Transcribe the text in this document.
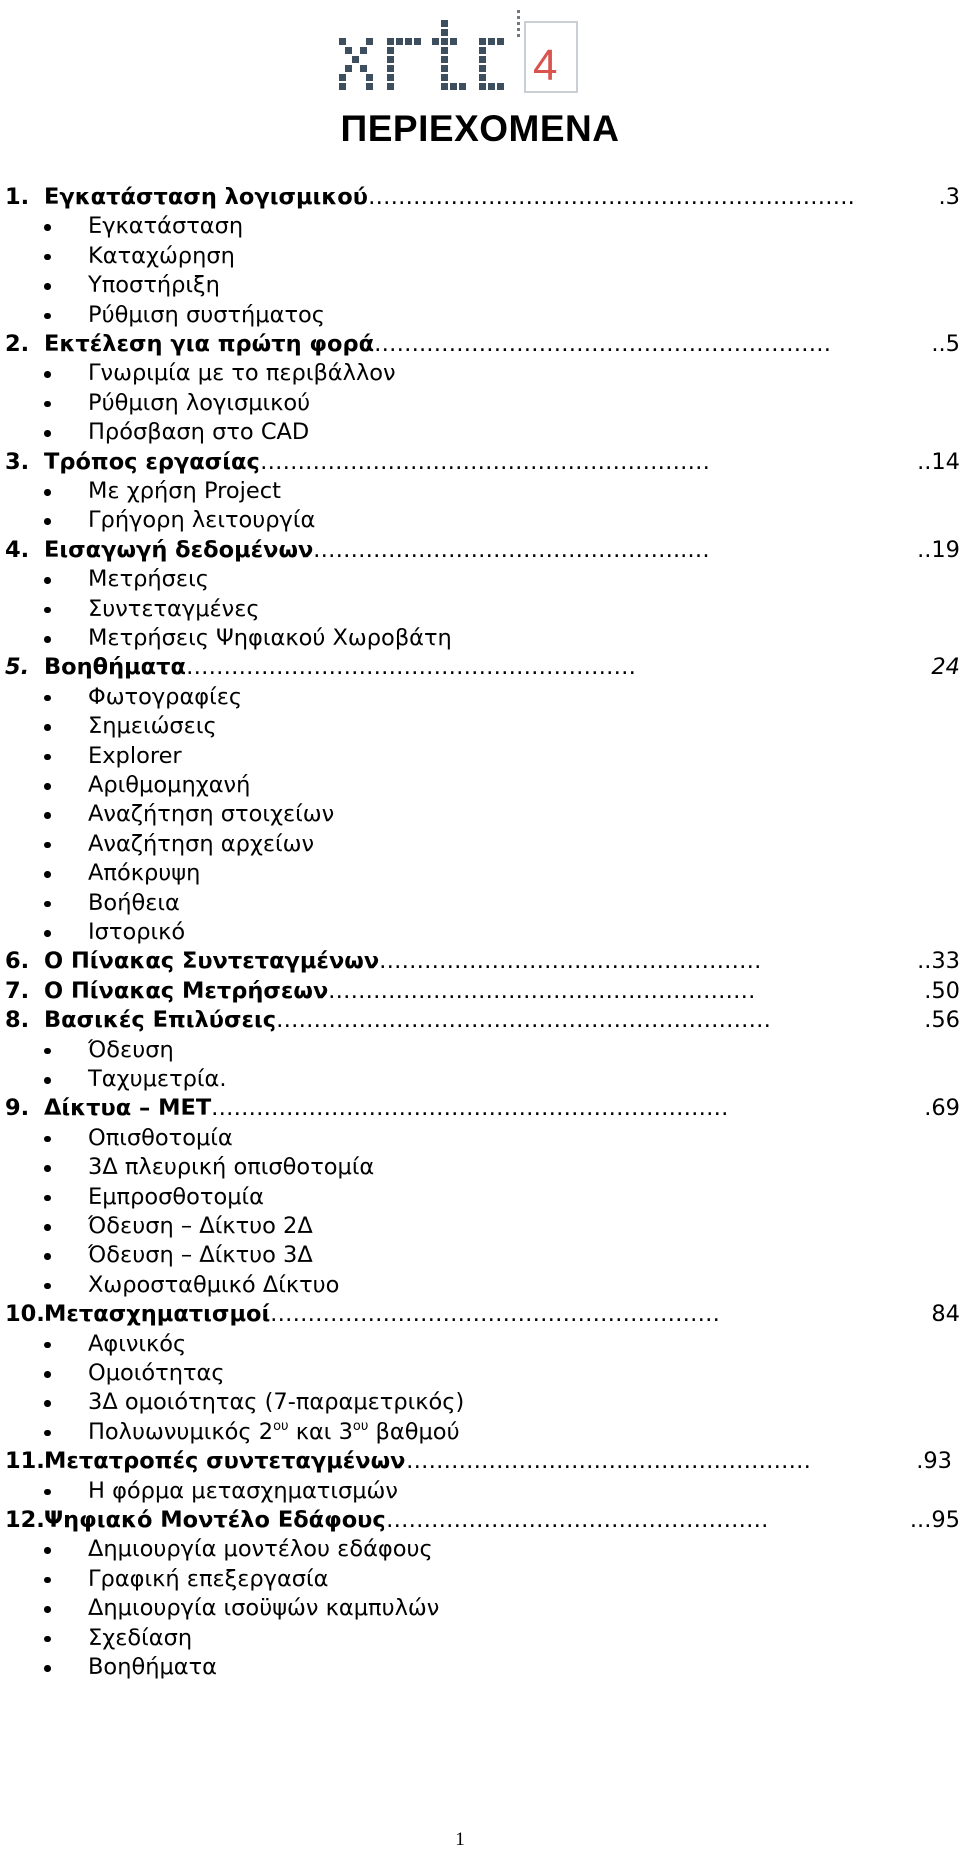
4
ΠΕΡΙΕΧΟΜΕΝΑ
1. Εγκατάσταση λογισμικού ……………………………………………….……….	.3
Εγκατάσταση
Καταχώρηση
Υποστήριξη
Ρύθμιση συστήματος
2. Εκτέλεση για πρώτη φορά …….………………………………………………	..5
Γνωριμία με το περιβάλλον
Ρύθμιση λογισμικού
Πρόσβαση στο CAD
3. Τρόπος εργασίας ……………………………………………………	..14
Με χρήση Project
Γρήγορη λειτουργία
4. Εισαγωγή δεδομένων …………………………………………..…	..19
Μετρήσεις
Συντεταγμένες
Μετρήσεις Ψηφιακού Χωροβάτη
5. Βοηθήματα ……………………………………………………	24
Φωτογραφίες
Σημειώσεις
Explorer
Αριθμομηχανή
Αναζήτηση στοιχείων
Αναζήτηση αρχείων
Απόκρυψη
Βοήθεια
Ιστορικό
6. Ο Πίνακας Συντεταγμένων ……………………………………………	..33
7. Ο Πίνακας Μετρήσεων …………………………………………………	.50
8. Βασικές Επιλύσεις …………………………………………………………	.56
Όδευση
Ταχυμετρία.
9. Δίκτυα – ΜΕΤ ……………………………………………………………	.69
Οπισθοτομία
3Δ πλευρική οπισθοτομία
Εμπροσθοτομία
Όδευση – Δίκτυο 2Δ
Όδευση – Δίκτυο 3Δ
Χωροσταθμικό Δίκτυο
10. Μετασχηματισμοί ……………………………………………………	84
Αφινικός
Ομοιότητας
3Δ ομοιότητας (7-παραμετρικός)
Πολυωνυμικός $2^{o\upsilon}$ και $3^{o\upsilon}$ βαθμού
11. Μετατροπές συντεταγμένων ………………………………………………	.93
Η φόρμα μετασχηματισμών
12. Ψηφιακό Μοντέλο Εδάφους ……………………………………………	...95
Δημιουργία μοντέλου εδάφους
Γραφική επεξεργασία
Δημιουργία ισοϋψών καμπυλών
Σχεδίαση
Βοηθήματα
1
